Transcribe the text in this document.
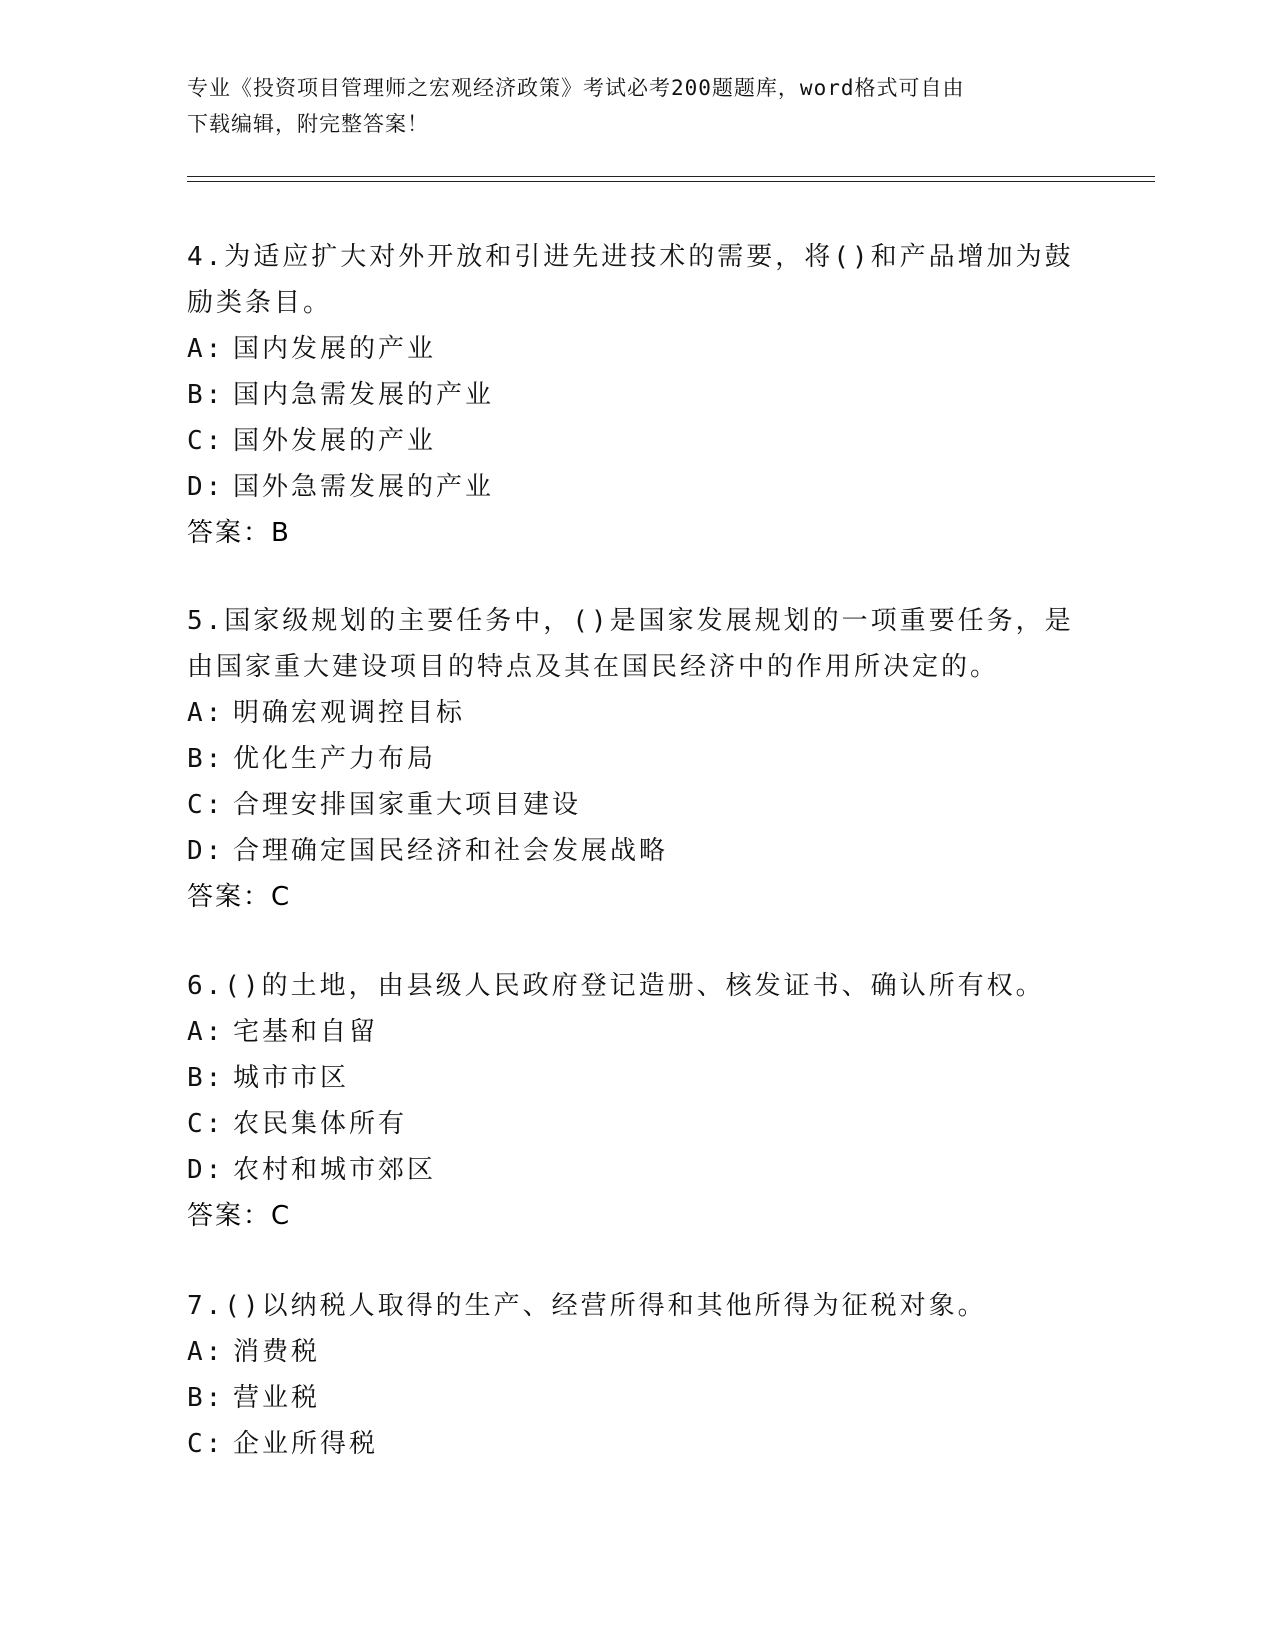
专业《投资项目管理师之宏观经济政策》考试必考200题题库，word格式可自由
下载编辑，附完整答案！

4.为适应扩大对外开放和引进先进技术的需要，将()和产品增加为鼓

励类条目。

A: 国内发展的产业

B: 国内急需发展的产业

C: 国外发展的产业

D: 国外急需发展的产业

答案：B

5.国家级规划的主要任务中，()是国家发展规划的一项重要任务，是

由国家重大建设项目的特点及其在国民经济中的作用所决定的。

A: 明确宏观调控目标

B: 优化生产力布局

C: 合理安排国家重大项目建设

D: 合理确定国民经济和社会发展战略

答案：C

6.()的土地，由县级人民政府登记造册、核发证书、确认所有权。

A: 宅基和自留

B: 城市市区

C: 农民集体所有

D: 农村和城市郊区

答案：C

7.()以纳税人取得的生产、经营所得和其他所得为征税对象。

A: 消费税

B: 营业税

C: 企业所得税
